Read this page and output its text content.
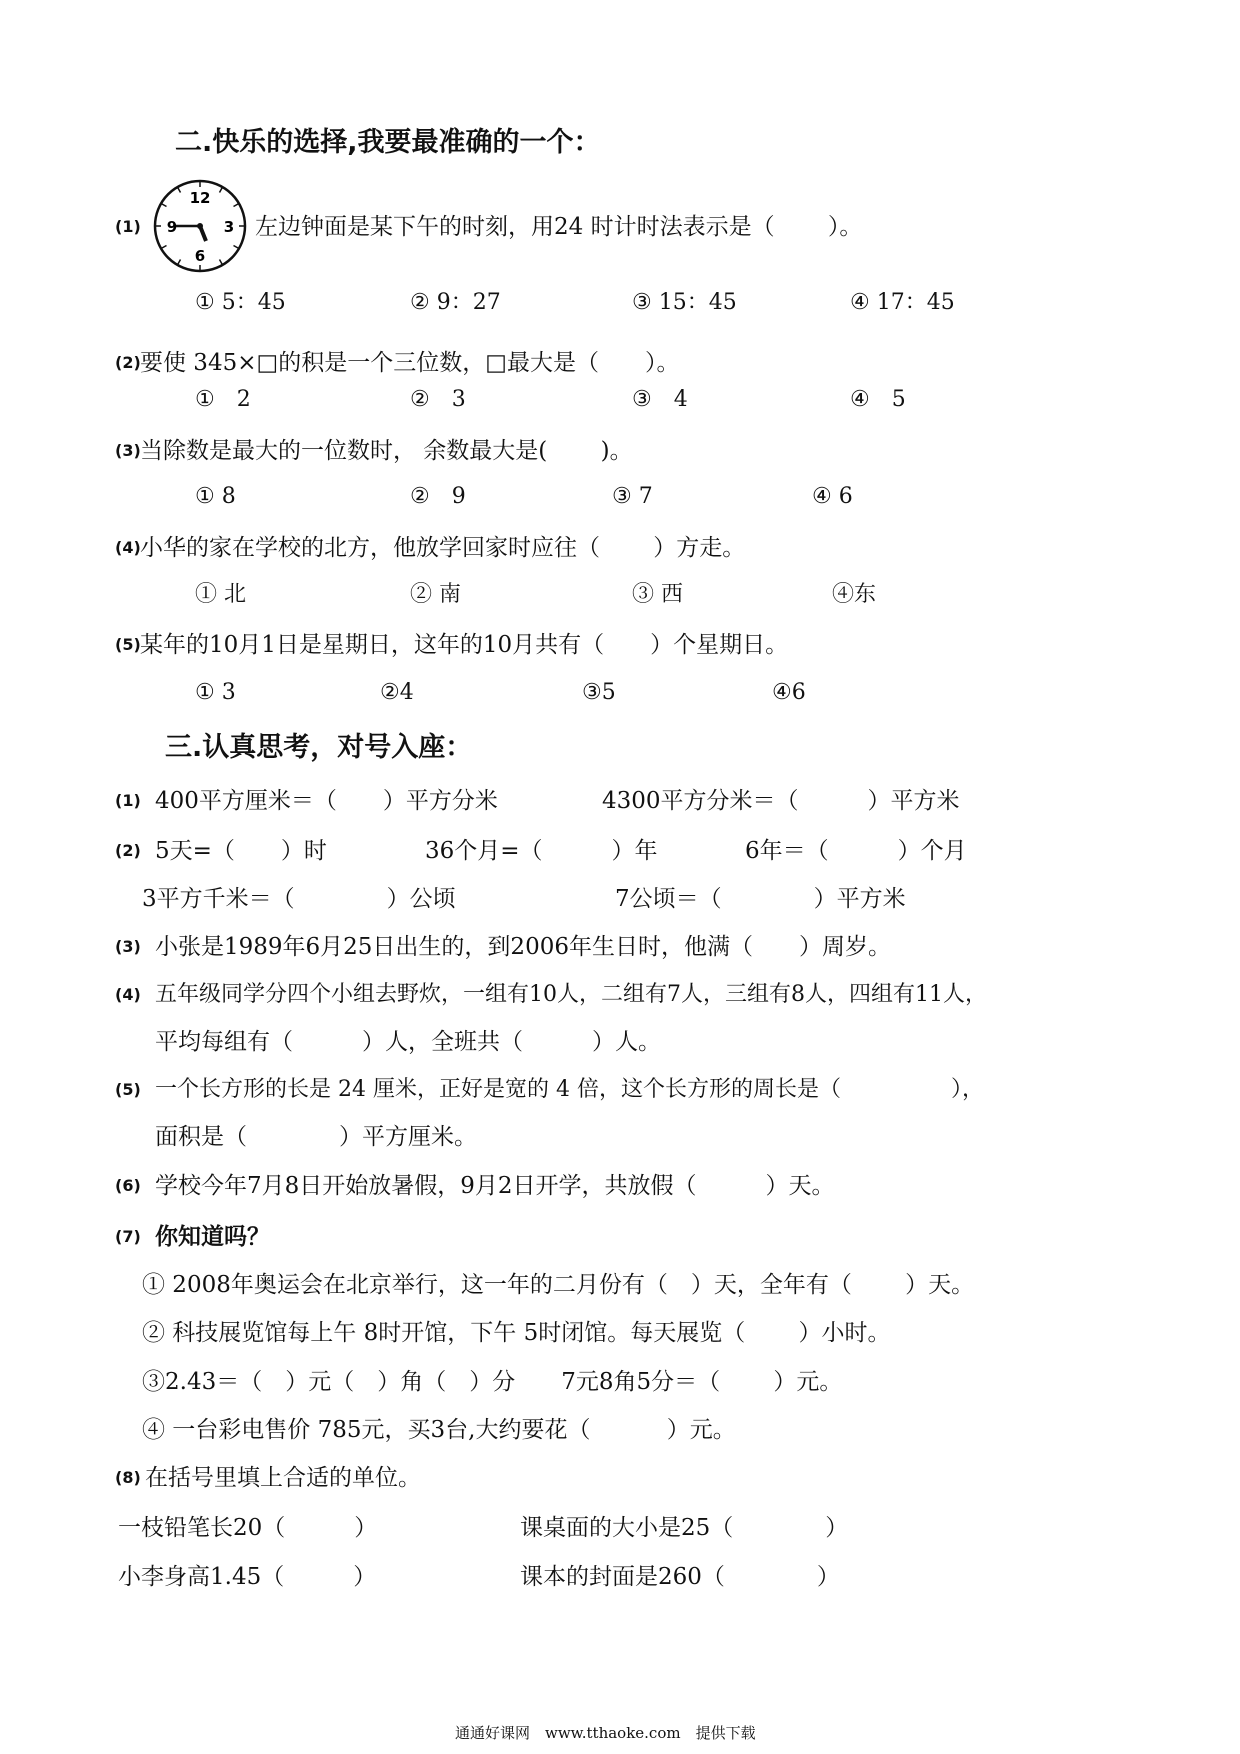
二.快乐的选择,我要最准确的一个：
(1)
12
3
6
9	左边钟面是某下午的时刻，用24 时计时法表示是（　　 ）。
① 5：45	② 9：27	③ 15：45	④ 17：45
(2) 要使 345×□的积是一个三位数，□最大是（　　）。
①　2	②　3	③　4	④　5
(3) 当除数是最大的一位数时， 余数最大是(　　 )。
① 8	②　9	③ 7	④ 6
(4) 小华的家在学校的北方，他放学回家时应往（　　 ）方走。
① 北	② 南	③ 西	④东
(5) 某年的10月1日是星期日，这年的10月共有（　　）个星期日。
① 3	②4	③5	④6
三.认真思考，对号入座：
(1) 400平方厘米＝（　　）平方分米	4300平方分米＝（　　　）平方米
(2) 5天=（　　）时	36个月=（　　　）年	6年＝（　　　）个月
3平方千米＝（　　　　）公顷	7公顷＝（　　　　）平方米
(3) 小张是1989年6月25日出生的，到2006年生日时，他满（　　）周岁。
(4) 五年级同学分四个小组去野炊，一组有10人，二组有7人，三组有8人，四组有11人，
平均每组有（　　　）人，全班共（　　　）人。
(5) 一个长方形的长是 24 厘米，正好是宽的 4 倍，这个长方形的周长是（　　　　　），
面积是（　　　　）平方厘米。
(6) 学校今年7月8日开始放暑假，9月2日开学，共放假（　　　）天。
(7) 你知道吗？
① 2008年奥运会在北京举行，这一年的二月份有（　）天，全年有（　　 ）天。
② 科技展览馆每上午 8时开馆，下午 5时闭馆。每天展览（　　 ）小时。
③2.43＝（　）元（　）角（　）分　　7元8角5分＝（　　 ）元。
④ 一台彩电售价 785元，买3台,大约要花（　　　 ）元。
(8) 在括号里填上合适的单位。
一枝铅笔长20（　　　）	课桌面的大小是25（　　　　）
小李身高1.45（　　　）	课本的封面是260（　　　　）
通通好课网　www.tthaoke.com　提供下载
